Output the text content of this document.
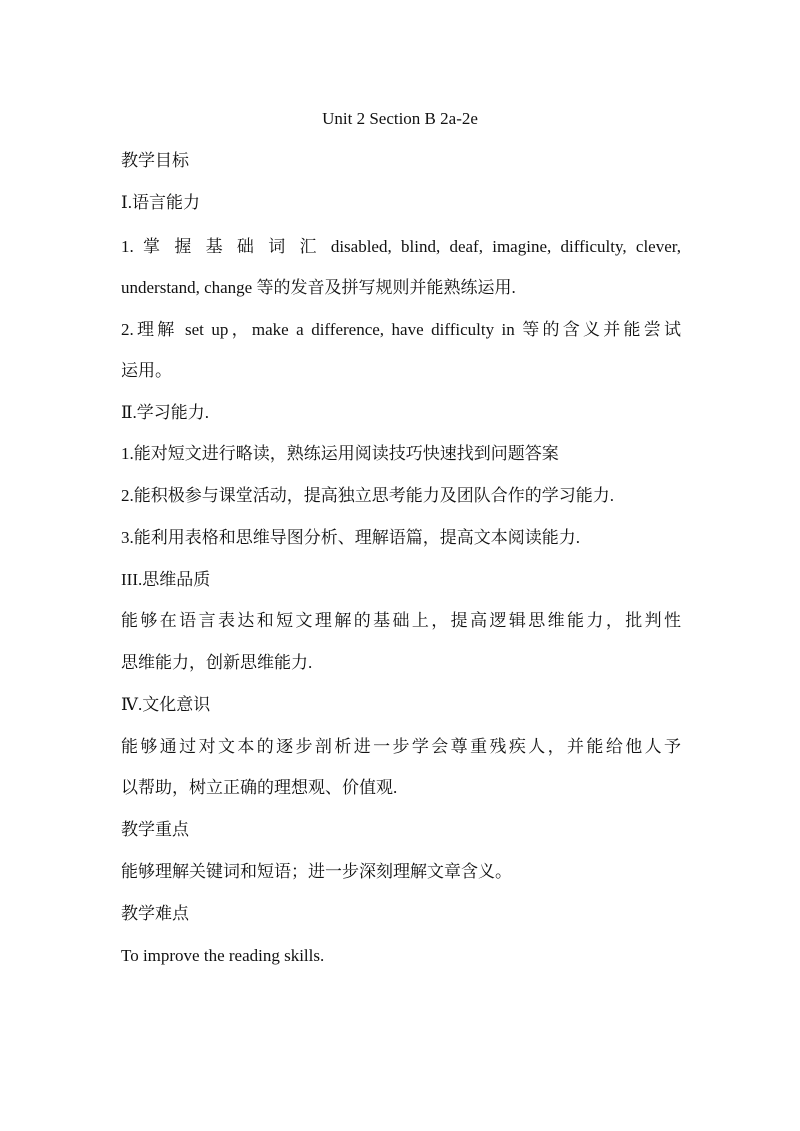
Unit 2 Section B 2a-2e
教学目标
Ⅰ.语言能力
1. 掌 握 基 础 词 汇 disabled, blind, deaf, imagine, difficulty, clever,
understand, change 等的发音及拼写规则并能熟练运用.
2.理解 set up，make a difference, have difficulty in 等的含义并能尝试
运用。
Ⅱ.学习能力.
1.能对短文进行略读，熟练运用阅读技巧快速找到问题答案
2.能积极参与课堂活动，提高独立思考能力及团队合作的学习能力.
3.能利用表格和思维导图分析、理解语篇，提高文本阅读能力.
III.思维品质
能够在语言表达和短文理解的基础上，提高逻辑思维能力，批判性
思维能力，创新思维能力.
Ⅳ.文化意识
能够通过对文本的逐步剖析进一步学会尊重残疾人，并能给他人予
以帮助，树立正确的理想观、价值观.
教学重点
能够理解关键词和短语；进一步深刻理解文章含义。
教学难点
To improve the reading skills.
